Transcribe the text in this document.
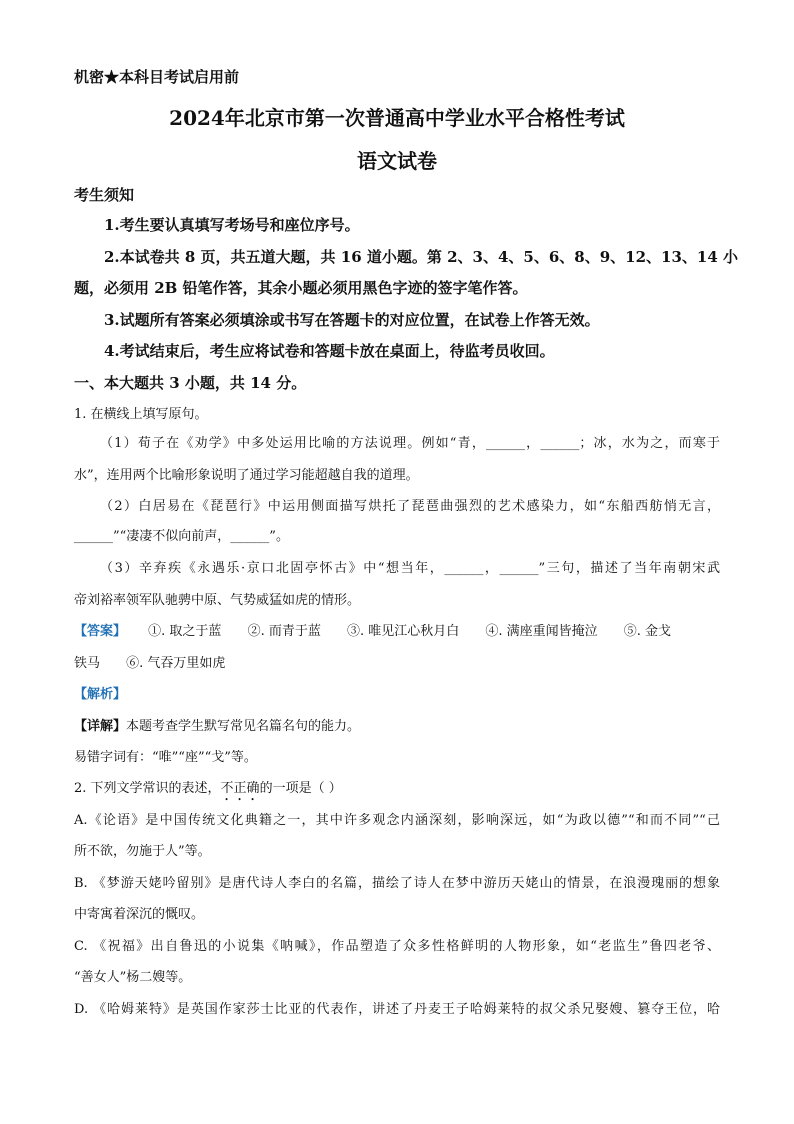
机密★本科目考试启用前
2024年北京市第一次普通高中学业水平合格性考试
语文试卷
考生须知
1.考生要认真填写考场号和座位序号。
2.本试卷共 8 页，共五道大题，共 16 道小题。第 2、3、4、5、6、8、9、12、13、14 小
题，必须用 2B 铅笔作答，其余小题必须用黑色字迹的签字笔作答。
3.试题所有答案必须填涂或书写在答题卡的对应位置，在试卷上作答无效。
4.考试结束后，考生应将试卷和答题卡放在桌面上，待监考员收回。
一、本大题共 3 小题，共 14 分。
1. 在横线上填写原句。
（1）荀子在《劝学》中多处运用比喻的方法说理。例如“青，______，______；冰，水为之，而寒于
水”，连用两个比喻形象说明了通过学习能超越自我的道理。
（2）白居易在《琵琶行》中运用侧面描写烘托了琵琶曲强烈的艺术感染力，如“东船西舫悄无言，
______”“凄凄不似向前声，______”。
（3）辛弃疾《永遇乐·京口北固亭怀古》中“想当年，______，______”三句，描述了当年南朝宋武
帝刘裕率领军队驰骋中原、气势威猛如虎的情形。
【答案】 ①. 取之于蓝 ②. 而青于蓝 ③. 唯见江心秋月白 ④. 满座重闻皆掩泣 ⑤. 金戈
铁马 ⑥. 气吞万里如虎
【解析】
【详解】本题考查学生默写常见名篇名句的能力。
易错字词有：“唯”“座”“戈”等。
2. 下列文学常识的表述，不正确的一项是（ ）
A.《论语》是中国传统文化典籍之一，其中许多观念内涵深刻，影响深远，如“为政以德”“和而不同”“己
所不欲，勿施于人”等。
B. 《梦游天姥吟留别》是唐代诗人李白的名篇，描绘了诗人在梦中游历天姥山的情景，在浪漫瑰丽的想象
中寄寓着深沉的慨叹。
C. 《祝福》出自鲁迅的小说集《呐喊》，作品塑造了众多性格鲜明的人物形象，如“老监生”鲁四老爷、
“善女人”杨二嫂等。
D. 《哈姆莱特》是英国作家莎士比亚的代表作，讲述了丹麦王子哈姆莱特的叔父杀兄娶嫂、篡夺王位，哈
